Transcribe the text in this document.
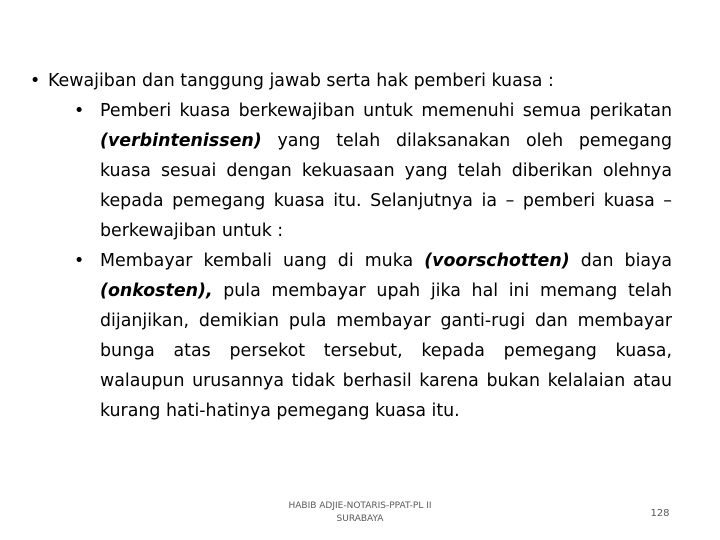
• Kewajiban dan tanggung jawab serta hak pemberi kuasa :
• Pemberi kuasa berkewajiban untuk memenuhi semua perikatan (verbintenissen) yang telah dilaksanakan oleh pemegang kuasa sesuai dengan kekuasaan yang telah diberikan olehnya kepada pemegang kuasa itu. Selanjutnya ia – pemberi kuasa – berkewajiban untuk :
• Membayar kembali uang di muka (voorschotten) dan biaya (onkosten), pula membayar upah jika hal ini memang telah dijanjikan, demikian pula membayar ganti-rugi dan membayar bunga atas persekot tersebut, kepada pemegang kuasa, walaupun urusannya tidak berhasil karena bukan kelalaian atau kurang hati-hatinya pemegang kuasa itu.
HABIB ADJIE-NOTARIS-PPAT-PL II
SURABAYA	128
